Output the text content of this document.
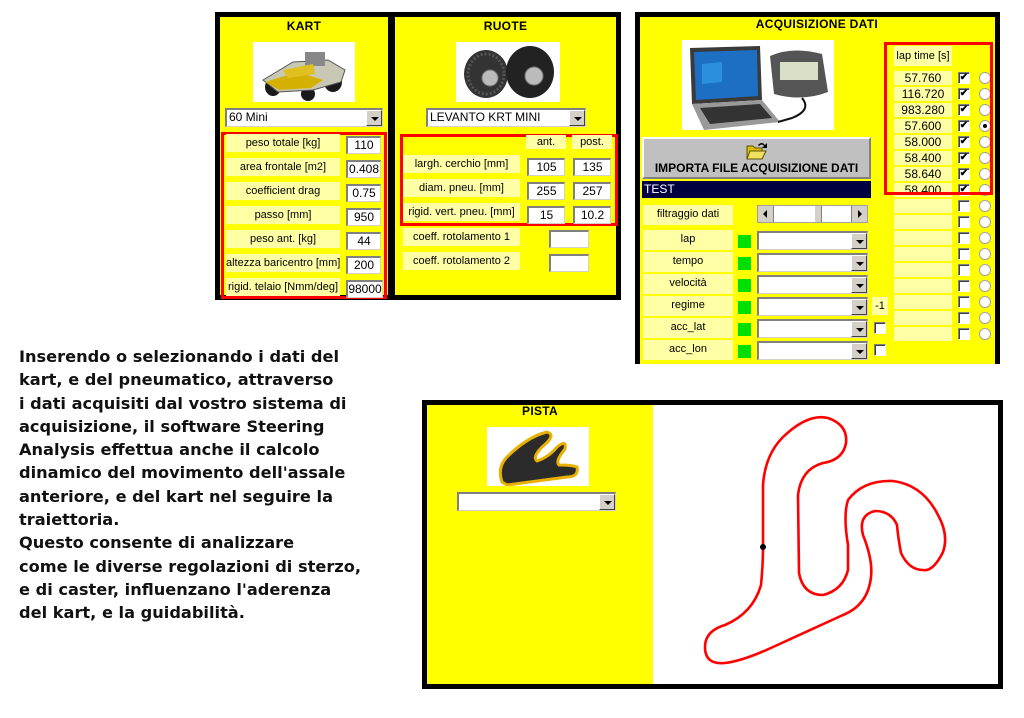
KART
60 Mini
peso totale [kg]	110
area frontale [m2]	0.408
coefficient drag	0.75
passo [mm]	950
peso ant. [kg]	44
altezza baricentro [mm]	200
rigid. telaio [Nmm/deg] 98000
RUOTE
LEVANTO KRT MINI
ant.	post.
largh. cerchio [mm]	105	135
diam. pneu. [mm]	255	257
rigid. vert. pneu. [mm]	15	10.2
coeff. rotolamento 1
coeff. rotolamento 2
ACQUISIZIONE DATI
IMPORTA FILE ACQUISIZIONE DATI
TEST
filtraggio dati
lap
tempo
velocità
regime	-1
acc_lat
acc_lon
lap time [s]
57.760	✔
116.720	✔
983.280	✔
57.600	✔
58.000	✔
58.400	✔
58.640	✔
58.400	✔
PISTA
Inserendo o selezionando i dati del
kart, e del pneumatico, attraverso
i dati acquisiti dal vostro sistema di
acquisizione, il software Steering
Analysis effettua anche il calcolo
dinamico del movimento dell'assale
anteriore, e del kart nel seguire la
traiettoria.
Questo consente di analizzare
come le diverse regolazioni di sterzo,
e di caster, influenzano l'aderenza
del kart, e la guidabilità.
